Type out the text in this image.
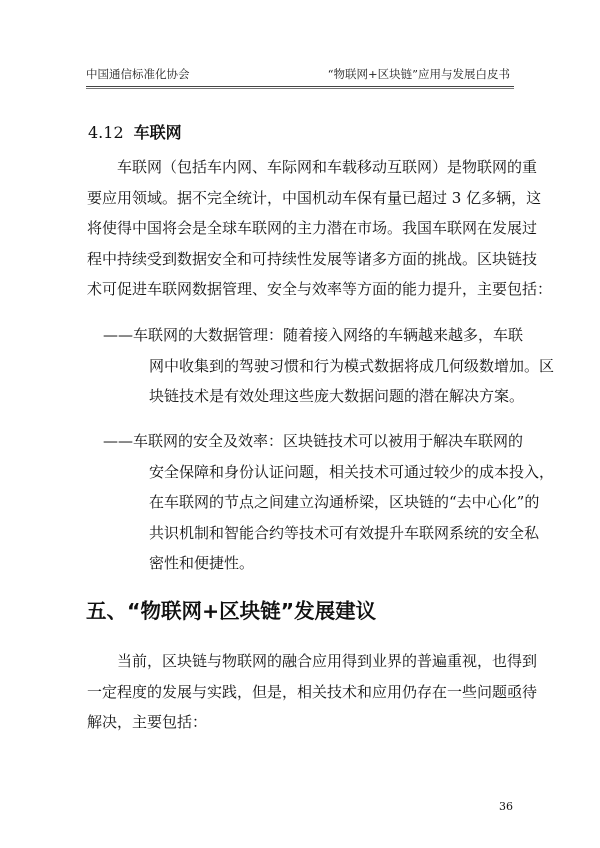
中国通信标准化协会	“物联网+区块链”应用与发展白皮书
4.12 车联网
车联网（包括车内网、车际网和车载移动互联网）是物联网的重
要应用领域。据不完全统计，中国机动车保有量已超过 3 亿多辆，这
将使得中国将会是全球车联网的主力潜在市场。我国车联网在发展过
程中持续受到数据安全和可持续性发展等诸多方面的挑战。区块链技
术可促进车联网数据管理、安全与效率等方面的能力提升，主要包括：
——车联网的大数据管理：随着接入网络的车辆越来越多，车联
网中收集到的驾驶习惯和行为模式数据将成几何级数增加。区
块链技术是有效处理这些庞大数据问题的潜在解决方案。
——车联网的安全及效率：区块链技术可以被用于解决车联网的
安全保障和身份认证问题，相关技术可通过较少的成本投入，
在车联网的节点之间建立沟通桥梁，区块链的“去中心化”的
共识机制和智能合约等技术可有效提升车联网系统的安全私
密性和便捷性。
五、“物联网+区块链”发展建议
当前，区块链与物联网的融合应用得到业界的普遍重视，也得到
一定程度的发展与实践，但是，相关技术和应用仍存在一些问题亟待
解决，主要包括：
36
